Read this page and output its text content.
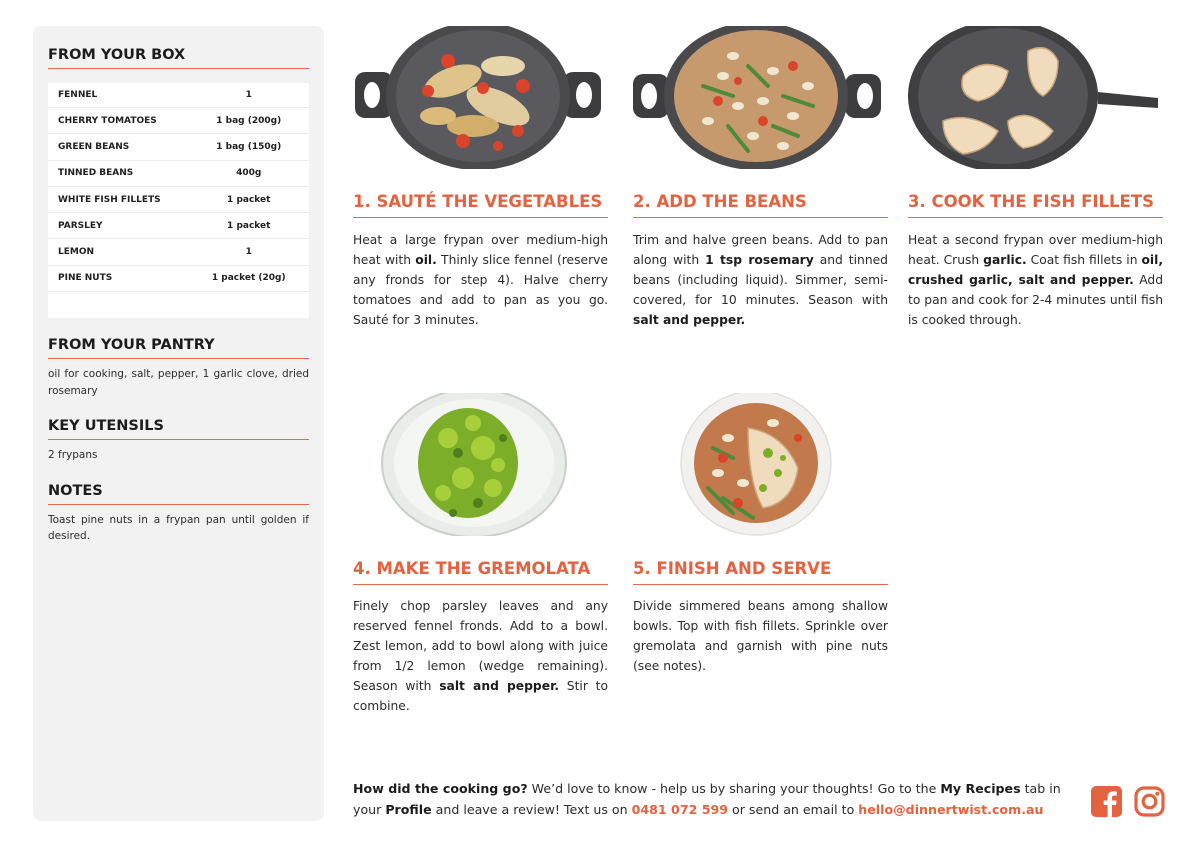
FROM YOUR BOX
FENNEL	1
CHERRY TOMATOES	1 bag (200g)
GREEN BEANS	1 bag (150g)
TINNED BEANS	400g
WHITE FISH FILLETS	1 packet
PARSLEY	1 packet
LEMON	1
PINE NUTS	1 packet (20g)
FROM YOUR PANTRY
oil for cooking, salt, pepper, 1 garlic clove, dried rosemary
KEY UTENSILS
2 frypans
NOTES
Toast pine nuts in a frypan pan until golden if desired.
1. SAUTÉ THE VEGETABLES
Heat a large frypan over medium-high heat with oil. Thinly slice fennel (reserve any fronds for step 4). Halve cherry tomatoes and add to pan as you go. Sauté for 3 minutes.
2. ADD THE BEANS
Trim and halve green beans. Add to pan along with 1 tsp rosemary and tinned beans (including liquid). Simmer, semi-covered, for 10 minutes. Season with salt and pepper.
3. COOK THE FISH FILLETS
Heat a second frypan over medium-high heat. Crush garlic. Coat fish fillets in oil, crushed garlic, salt and pepper. Add to pan and cook for 2-4 minutes until fish is cooked through.
4. MAKE THE GREMOLATA
Finely chop parsley leaves and any reserved fennel fronds. Add to a bowl. Zest lemon, add to bowl along with juice from 1/2 lemon (wedge remaining). Season with salt and pepper. Stir to combine.
5. FINISH AND SERVE
Divide simmered beans among shallow bowls. Top with fish fillets. Sprinkle over gremolata and garnish with pine nuts (see notes).
How did the cooking go? We’d love to know - help us by sharing your thoughts! Go to the My Recipes tab in your Profile and leave a review! Text us on 0481 072 599 or send an email to hello@dinnertwist.com.au
